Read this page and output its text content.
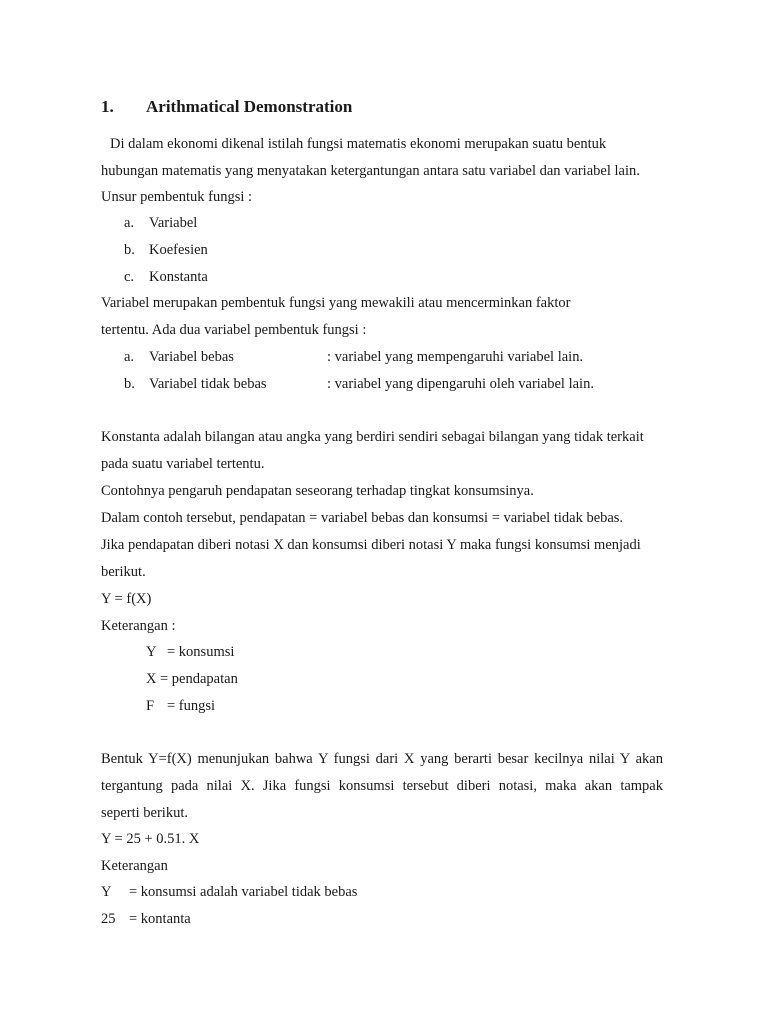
1. Arithmatical Demonstration
Di dalam ekonomi dikenal istilah fungsi matematis ekonomi merupakan suatu bentuk
hubungan matematis yang menyatakan ketergantungan antara satu variabel dan variabel lain.
Unsur pembentuk fungsi :
a. Variabel
b. Koefesien
c. Konstanta
Variabel merupakan pembentuk fungsi yang mewakili atau mencerminkan faktor
tertentu. Ada dua variabel pembentuk fungsi :
a. Variabel bebas	: variabel yang mempengaruhi variabel lain.
b. Variabel tidak bebas	: variabel yang dipengaruhi oleh variabel lain.
Konstanta adalah bilangan atau angka yang berdiri sendiri sebagai bilangan yang tidak terkait
pada suatu variabel tertentu.
Contohnya pengaruh pendapatan seseorang terhadap tingkat konsumsinya.
Dalam contoh tersebut, pendapatan = variabel bebas dan konsumsi = variabel tidak bebas.
Jika pendapatan diberi notasi X dan konsumsi diberi notasi Y maka fungsi konsumsi menjadi
berikut.
Y = f(X)
Keterangan :
Y = konsumsi
X = pendapatan
F = fungsi
Bentuk Y=f(X) menunjukan bahwa Y fungsi dari X yang berarti besar kecilnya nilai Y akan
tergantung pada nilai X. Jika fungsi konsumsi tersebut diberi notasi, maka akan tampak
seperti berikut.
Y = 25 + 0.51. X
Keterangan
Y = konsumsi adalah variabel tidak bebas
25 = kontanta
